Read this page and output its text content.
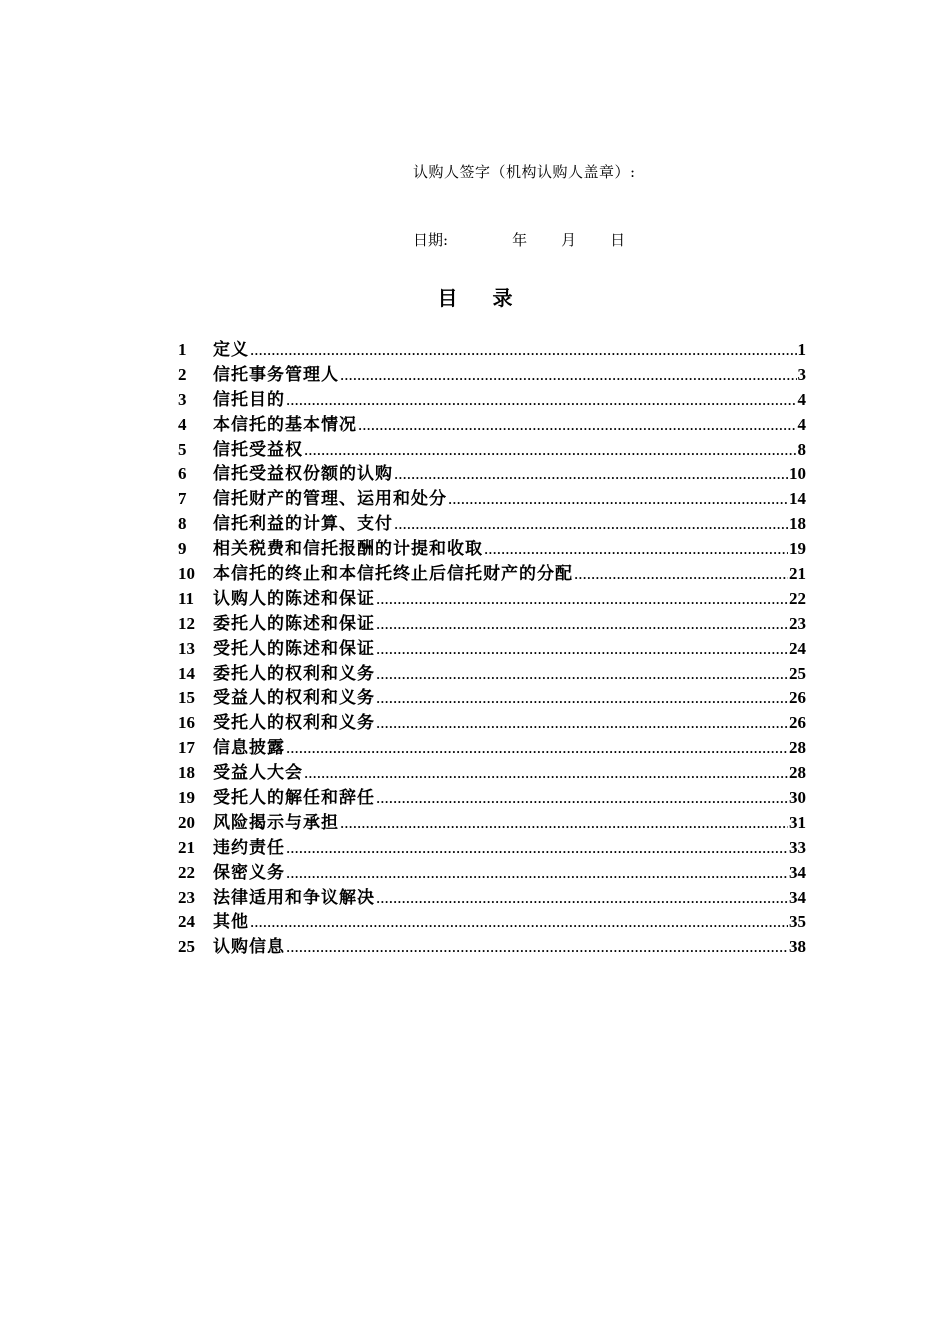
认购人签字（机构认购人盖章）:
日期:	年 月 日
目 录
1	定义 .....	1
2	信托事务管理人 .....	3
3	信托目的 .....	4
4	本信托的基本情况 .....	4
5	信托受益权 .....	8
6	信托受益权份额的认购 .....	10
7	信托财产的管理、运用和处分 .....	14
8	信托利益的计算、支付 .....	18
9	相关税费和信托报酬的计提和收取 .....	19
10	本信托的终止和本信托终止后信托财产的分配 .....	21
11	认购人的陈述和保证 .....	22
12	委托人的陈述和保证 .....	23
13	受托人的陈述和保证 .....	24
14	委托人的权利和义务 .....	25
15	受益人的权利和义务 .....	26
16	受托人的权利和义务 .....	26
17	信息披露 .....	28
18	受益人大会 .....	28
19	受托人的解任和辞任 .....	30
20	风险揭示与承担 .....	31
21	违约责任 .....	33
22	保密义务 .....	34
23	法律适用和争议解决 .....	34
24	其他 .....	35
25	认购信息 .....	38
